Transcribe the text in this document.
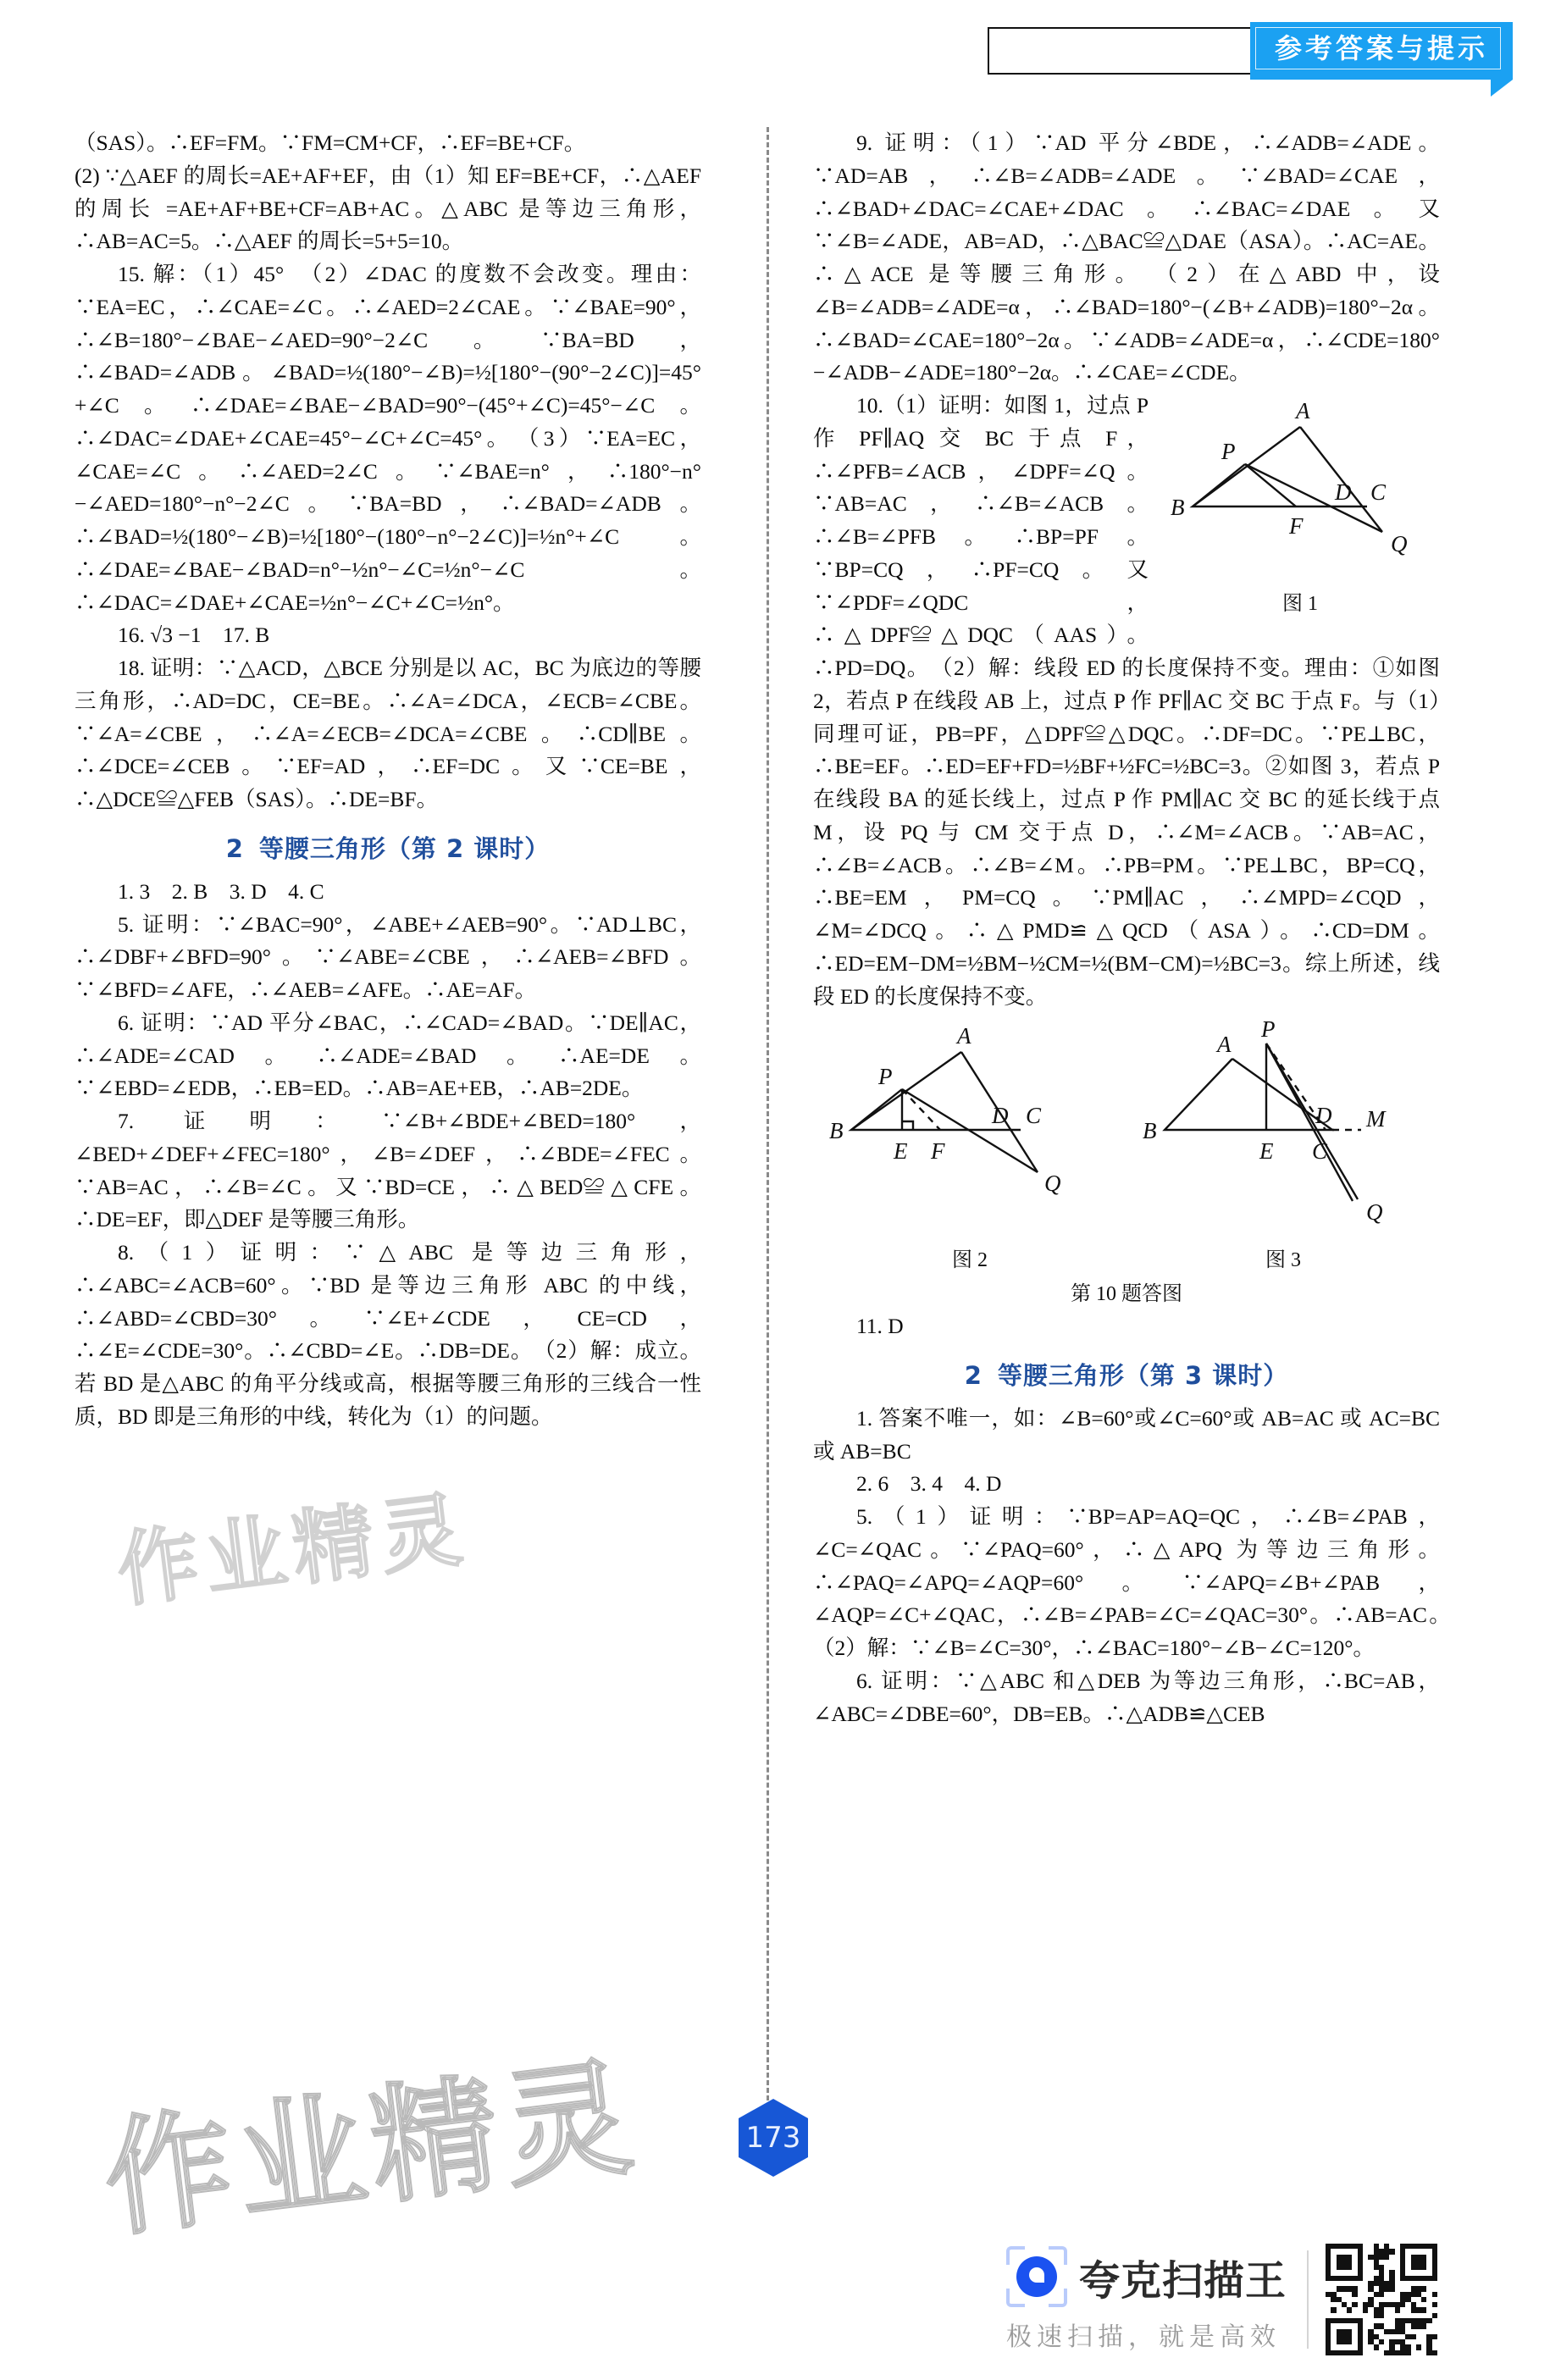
参考答案与提示

（SAS）。∴EF=FM。∵FM=CM+CF，∴EF=BE+CF。

(2) ∵△AEF 的周长=AE+AF+EF，由（1）知 EF=BE+CF，∴△AEF 的周长 =AE+AF+BE+CF=AB+AC。△ABC 是等边三角形，∴AB=AC=5。∴△AEF 的周长=5+5=10。

15. 解：（1）45°　（2）∠DAC 的度数不会改变。理由：∵EA=EC，∴∠CAE=∠C。∴∠AED=2∠CAE。∵∠BAE=90°，∴∠B=180°−∠BAE−∠AED=90°−2∠C。∵BA=BD，∴∠BAD=∠ADB。∠BAD=½(180°−∠B)=½[180°−(90°−2∠C)]=45°+∠C。∴∠DAE=∠BAE−∠BAD=90°−(45°+∠C)=45°−∠C。∴∠DAC=∠DAE+∠CAE=45°−∠C+∠C=45°。　（3）∵EA=EC，∠CAE=∠C。∴∠AED=2∠C。∵∠BAE=n°，∴180°−n°−∠AED=180°−n°−2∠C。∵BA=BD，∴∠BAD=∠ADB。∴∠BAD=½(180°−∠B)=½[180°−(180°−n°−2∠C)]=½n°+∠C。∴∠DAE=∠BAE−∠BAD=n°−½n°−∠C=½n°−∠C。∴∠DAC=∠DAE+∠CAE=½n°−∠C+∠C=½n°。

16. √3 −1　17. B

18. 证明：∵△ACD，△BCE 分别是以 AC，BC 为底边的等腰三角形，∴AD=DC，CE=BE。∴∠A=∠DCA，∠ECB=∠CBE。∵∠A=∠CBE，∴∠A=∠ECB=∠DCA=∠CBE。∴CD∥BE。∴∠DCE=∠CEB。∵EF=AD，∴EF=DC。又∵CE=BE，∴△DCE≌△FEB（SAS）。∴DE=BF。

2 等腰三角形（第 2 课时）

1. 3　2. B　3. D　4. C

5. 证明：∵∠BAC=90°，∠ABE+∠AEB=90°。∵AD⊥BC，∴∠DBF+∠BFD=90°。∵∠ABE=∠CBE，∴∠AEB=∠BFD。∵∠BFD=∠AFE，∴∠AEB=∠AFE。∴AE=AF。

6. 证明：∵AD 平分∠BAC，∴∠CAD=∠BAD。∵DE∥AC，∴∠ADE=∠CAD。∴∠ADE=∠BAD。∴AE=DE。∵∠EBD=∠EDB，∴EB=ED。∴AB=AE+EB，∴AB=2DE。

7. 证明：∵∠B+∠BDE+∠BED=180°，∠BED+∠DEF+∠FEC=180°，∠B=∠DEF，∴∠BDE=∠FEC。∵AB=AC，∴∠B=∠C。又∵BD=CE，∴△BED≌△CFE。∴DE=EF，即△DEF 是等腰三角形。

8.（1）证明：∵△ABC 是等边三角形，∴∠ABC=∠ACB=60°。∵BD 是等边三角形 ABC 的中线，∴∠ABD=∠CBD=30°。∵∠E+∠CDE，CE=CD，∴∠E=∠CDE=30°。∴∠CBD=∠E。∴DB=DE。　（2）解：成立。若 BD 是△ABC 的角平分线或高，根据等腰三角形的三线合一性质，BD 即是三角形的中线，转化为（1）的问题。

9. 证明：（1）∵AD 平分∠BDE，∴∠ADB=∠ADE。∵AD=AB，∴∠B=∠ADB=∠ADE。∵∠BAD=∠CAE，∴∠BAD+∠DAC=∠CAE+∠DAC。∴∠BAC=∠DAE。又∵∠B=∠ADE，AB=AD，∴△BAC≌△DAE（ASA）。∴AC=AE。∴△ACE 是等腰三角形。　（2）在△ABD 中，设∠B=∠ADB=∠ADE=α，∴∠BAD=180°−(∠B+∠ADB)=180°−2α。∴∠BAD=∠CAE=180°−2α。∵∠ADB=∠ADE=α，∴∠CDE=180°−∠ADB−∠ADE=180°−2α。∴∠CAE=∠CDE。

A
P
B
F
D C
Q
图 1

10.（1）证明：如图 1，过点 P 作 PF∥AQ 交 BC 于点 F，∴∠PFB=∠ACB，∠DPF=∠Q。∵AB=AC，∴∠B=∠ACB。∴∠B=∠PFB。∴BP=PF。∵BP=CQ，∴PF=CQ。又∵∠PDF=∠QDC，∴△DPF≌△DQC（AAS）。∴PD=DQ。　（2）解：线段 ED 的长度保持不变。理由：①如图 2，若点 P 在线段 AB 上，过点 P 作 PF∥AC 交 BC 于点 F。与（1）同理可证，PB=PF，△DPF≌△DQC。∴DF=DC。∵PE⊥BC，∴BE=EF。∴ED=EF+FD=½BF+½FC=½BC=3。②如图 3，若点 P 在线段 BA 的延长线上，过点 P 作 PM∥AC 交 BC 的延长线于点 M，设 PQ 与 CM 交于点 D，∴∠M=∠ACB。∵AB=AC，∴∠B=∠ACB。∴∠B=∠M。∴PB=PM。∵PE⊥BC，BP=CQ，∴BE=EM，PM=CQ。∵PM∥AC，∴∠MPD=∠CQD，∠M=∠DCQ。∴△PMD≌△QCD（ASA）。∴CD=DM。∴ED=EM−DM=½BM−½CM=½(BM−CM)=½BC=3。综上所述，线段 ED 的长度保持不变。

A
P
B
E F
D C
Q
图 2
P
A
B
E C
D M
Q
图 3
第 10 题答图

11. D

2 等腰三角形（第 3 课时）

1. 答案不唯一，如：∠B=60°或∠C=60°或 AB=AC 或 AC=BC 或 AB=BC

2. 6　3. 4　4. D

5.（1）证明：∵BP=AP=AQ=QC，∴∠B=∠PAB，∠C=∠QAC。∵∠PAQ=60°，∴△APQ 为等边三角形。∴∠PAQ=∠APQ=∠AQP=60°。∵∠APQ=∠B+∠PAB，∠AQP=∠C+∠QAC，∴∠B=∠PAB=∠C=∠QAC=30°。∴AB=AC。　（2）解：∵∠B=∠C=30°，∴∠BAC=180°−∠B−∠C=120°。

6. 证明：∵△ABC 和△DEB 为等边三角形，∴BC=AB，∠ABC=∠DBE=60°，DB=EB。∴△ADB≌△CEB

作业精灵
作业精灵	173
夸克扫描王
极速扫描，就是高效
